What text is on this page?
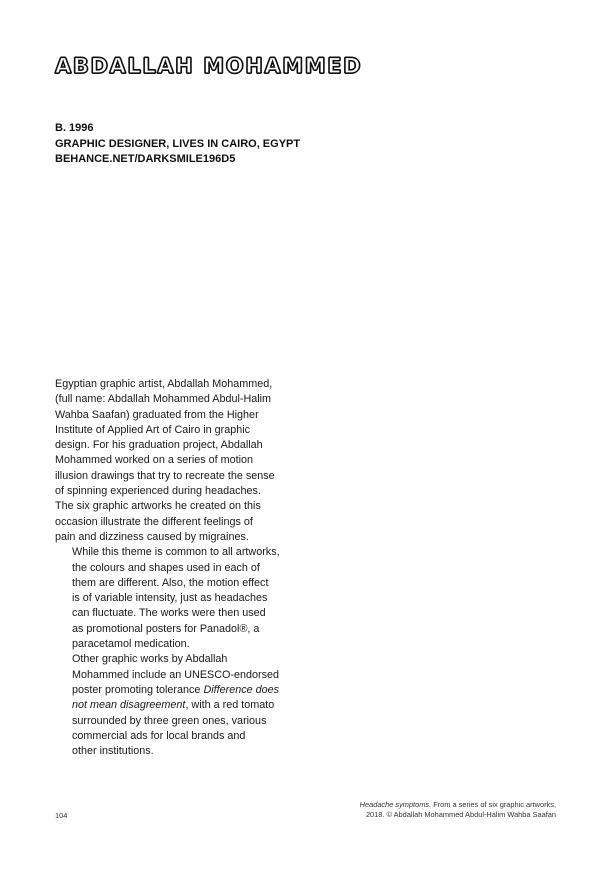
ABDALLAH MOHAMMED
B. 1996
GRAPHIC DESIGNER, LIVES IN CAIRO, EGYPT
BEHANCE.NET/DARKSMILE196D5

Egyptian graphic artist, Abdallah Mohammed,
(full name: Abdallah Mohammed Abdul-Halim
Wahba Saafan) graduated from the Higher
Institute of Applied Art of Cairo in graphic
design. For his graduation project, Abdallah
Mohammed worked on a series of motion
illusion drawings that try to recreate the sense
of spinning experienced during headaches.
The six graphic artworks he created on this
occasion illustrate the different feelings of
pain and dizziness caused by migraines.

While this theme is common to all artworks,
the colours and shapes used in each of
them are different. Also, the motion effect
is of variable intensity, just as headaches
can fluctuate. The works were then used
as promotional posters for Panadol®, a
paracetamol medication.

Other graphic works by Abdallah
Mohammed include an UNESCO-endorsed
poster promoting tolerance Difference does
not mean disagreement, with a red tomato
surrounded by three green ones, various
commercial ads for local brands and
other institutions.

Headache symptoms. From a series of six graphic artworks,
2018. © Abdallah Mohammed Abdul-Halim Wahba Saafan
104
